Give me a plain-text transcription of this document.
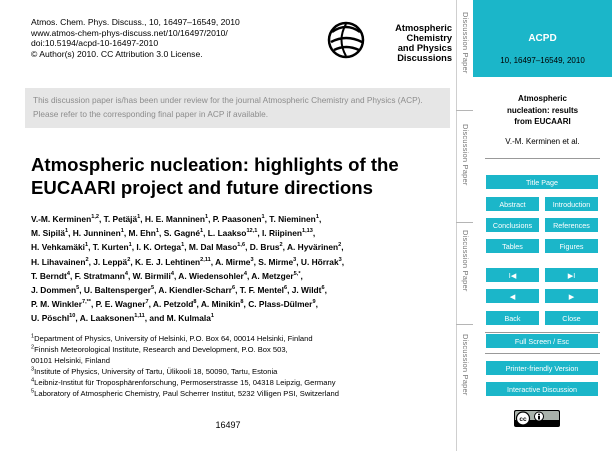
Atmos. Chem. Phys. Discuss., 10, 16497–16549, 2010
www.atmos-chem-phys-discuss.net/10/16497/2010/
doi:10.5194/acpd-10-16497-2010
© Author(s) 2010. CC Attribution 3.0 License.
Atmospheric
Chemistry
and Physics
Discussions
This discussion paper is/has been under review for the journal Atmospheric Chemistry and Physics (ACP). Please refer to the corresponding final paper in ACP if available.
Atmospheric nucleation: highlights of the
EUCAARI project and future directions
V.-M. Kerminen$^{1,2}$, T. Petäjä$^1$, H. E. Manninen$^1$, P. Paasonen$^1$, T. Nieminen$^1$,
M. Sipilä$^1$, H. Junninen$^1$, M. Ehn$^1$, S. Gagné$^1$, L. Laakso$^{12,1}$, I. Riipinen$^{1,13}$,
H. Vehkamäki$^1$, T. Kurten$^1$, I. K. Ortega$^1$, M. Dal Maso$^{1,6}$, D. Brus$^2$, A. Hyvärinen$^2$,
H. Lihavainen$^2$, J. Leppä$^2$, K. E. J. Lehtinen$^{2,11}$, A. Mirme$^3$, S. Mirme$^3$, U. Hõrrak$^3$,
T. Berndt$^4$, F. Stratmann$^4$, W. Birmili$^4$, A. Wiedensohler$^4$, A. Metzger$^{5,*}$,
J. Dommen$^5$, U. Baltensperger$^5$, A. Kiendler-Scharr$^6$, T. F. Mentel$^6$, J. Wildt$^6$,
P. M. Winkler$^{7,**}$, P. E. Wagner$^7$, A. Petzold$^8$, A. Minikin$^8$, C. Plass-Dülmer$^9$,
U. Pöschl$^{10}$, A. Laaksonen$^{1,11}$, and M. Kulmala$^1$
$^1$Department of Physics, University of Helsinki, P.O. Box 64, 00014 Helsinki, Finland
$^2$Finnish Meteorological Institute, Research and Development, P.O. Box 503,
00101 Helsinki, Finland
$^3$Institute of Physics, University of Tartu, Ülikooli 18, 50090, Tartu, Estonia
$^4$Leibniz-Institut für Troposphärenforschung, Permoserstrasse 15, 04318 Leipzig, Germany
$^5$Laboratory of Atmospheric Chemistry, Paul Scherrer Institut, 5232 Villigen PSI, Switzerland
16497
Discussion Paper
Discussion Paper
Discussion Paper
Discussion Paper
ACPD
10, 16497–16549, 2010
Atmospheric
nucleation: results
from EUCAARI
V.-M. Kerminen et al.
Title Page
Abstract	Introduction
Conclusions	References
Tables	Figures
I◀	▶I
◀	▶
Back	Close
Full Screen / Esc
Printer-friendly Version
Interactive Discussion
cc
